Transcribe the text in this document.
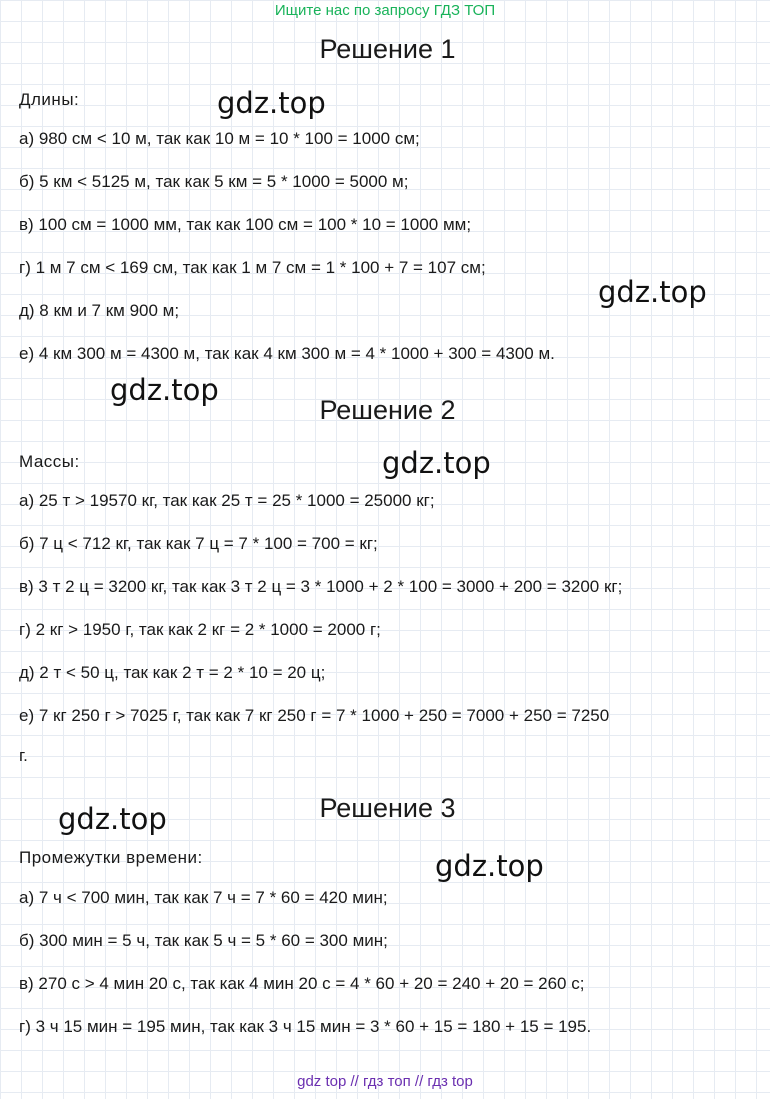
Ищите нас по запросу ГДЗ ТОП
Решение 1
Длины:
а) 980 см < 10 м, так как 10 м = 10 * 100 = 1000 см;
б) 5 км < 5125 м, так как 5 км = 5 * 1000 = 5000 м;
в) 100 см = 1000 мм, так как 100 см = 100 * 10 = 1000 мм;
г) 1 м 7 см < 169 см, так как 1 м 7 см = 1 * 100 + 7 = 107 см;
д) 8 км и 7 км 900 м;
е) 4 км 300 м = 4300 м, так как 4 км 300 м = 4 * 1000 + 300 = 4300 м.
Решение 2
Массы:
а) 25 т > 19570 кг, так как 25 т = 25 * 1000 = 25000 кг;
б) 7 ц < 712 кг, так как 7 ц = 7 * 100 = 700 = кг;
в) 3 т 2 ц = 3200 кг, так как 3 т 2 ц = 3 * 1000 + 2 * 100 = 3000 + 200 = 3200 кг;
г) 2 кг > 1950 г, так как 2 кг = 2 * 1000 = 2000 г;
д) 2 т < 50 ц, так как 2 т = 2 * 10 = 20 ц;
е) 7 кг 250 г > 7025 г, так как 7 кг 250 г = 7 * 1000 + 250 = 7000 + 250 = 7250
г.
Решение 3
Промежутки времени:
а) 7 ч < 700 мин, так как 7 ч = 7 * 60 = 420 мин;
б) 300 мин = 5 ч, так как 5 ч = 5 * 60 = 300 мин;
в) 270 с > 4 мин 20 с, так как 4 мин 20 с = 4 * 60 + 20 = 240 + 20 = 260 с;
г) 3 ч 15 мин = 195 мин, так как 3 ч 15 мин = 3 * 60 + 15 = 180 + 15 = 195.
gdz.top
gdz.top
gdz.top
gdz.top
gdz.top
gdz.top
gdz top // гдз топ // гдз top
